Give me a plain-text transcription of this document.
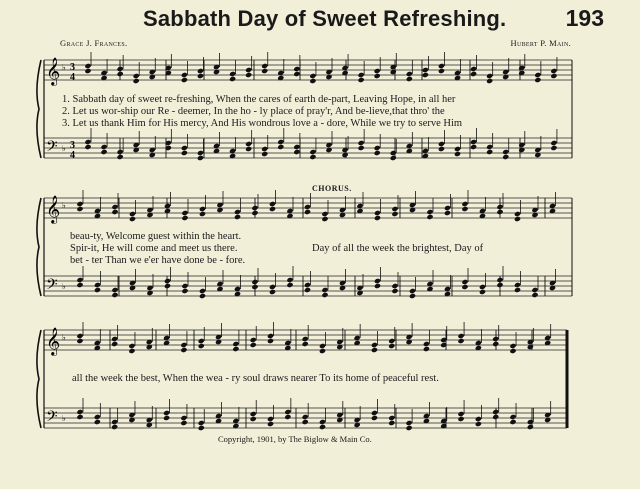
Sabbath Day of Sweet Refreshing.	193
Grace J. Frances.	Hubert P. Main.
𝄞
𝄢
♭
♭
3
4
3
4
1. Sabbath day of sweet re-freshing, When the cares of earth de-part, Leaving Hope, in all her
2. Let us wor-ship our Re - deemer, In the ho - ly place of pray'r, And be-lieve,that thro' the
3. Let us thank Him for His mercy, And His wondrous love a - dore, While we try to serve Him
CHORUS.
𝄞
𝄢
♭
♭
beau-ty, Welcome guest within the heart.
Spir-it, He will come and meet us there.
bet - ter Than we e'er have done be - fore.
Day of all the week the brightest, Day of
𝄞
𝄢
♭
♭
all the week the best, When the wea - ry soul draws nearer To its home of peaceful rest.
Copyright, 1901, by The Biglow & Main Co.
